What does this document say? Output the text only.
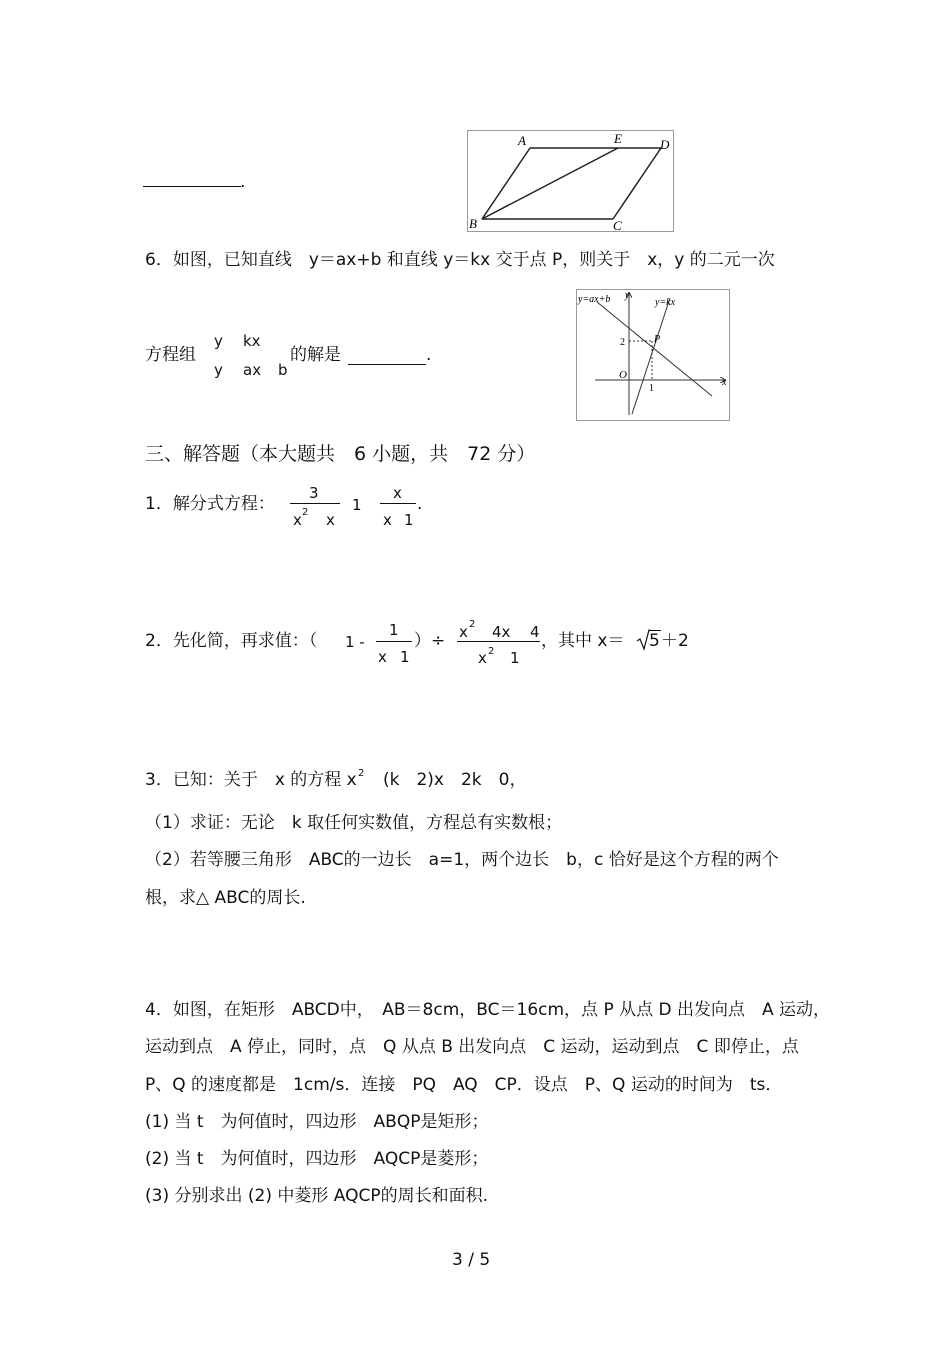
.
A	E	D
B	C
6．如图，已知直线　y＝ax+b 和直线 y＝kx 交于点 P，则关于　x，y 的二元一次
方程组
y kx
y ax b
的解是	.
y=ax+b	y=kx
y
x
2
1
O
P
三、解答题（本大题共　6 小题，共　72 分）
1．解分式方程：
3
x 2 x
1
x
x 1
.
2．先化简，再求值：（ 1 -
1
x 1
）÷ x 2 4x 4
x 2 1
，其中 x＝ 5 ＋2
3．已知：关于　x 的方程 x 2 (k　2)x　2k　0，
（1）求证：无论　k 取任何实数值，方程总有实数根；
（2）若等腰三角形　ABC的一边长　a=1，两个边长　b，c 恰好是这个方程的两个
根，求△ ABC的周长.
4．如图，在矩形　ABCD中，　AB＝8cm，BC＝16cm，点 P 从点 D 出发向点　A 运动，
运动到点　A 停止，同时，点　Q 从点 B 出发向点　C 运动，运动到点　C 即停止，点
P、Q 的速度都是　1cm/s．连接　PQ　AQ　CP．设点　P、Q 运动的时间为　ts．
(1) 当 t　为何值时，四边形　ABQP是矩形；
(2) 当 t　为何值时，四边形　AQCP是菱形；
(3) 分别求出 (2) 中菱形 AQCP的周长和面积.
3 / 5
